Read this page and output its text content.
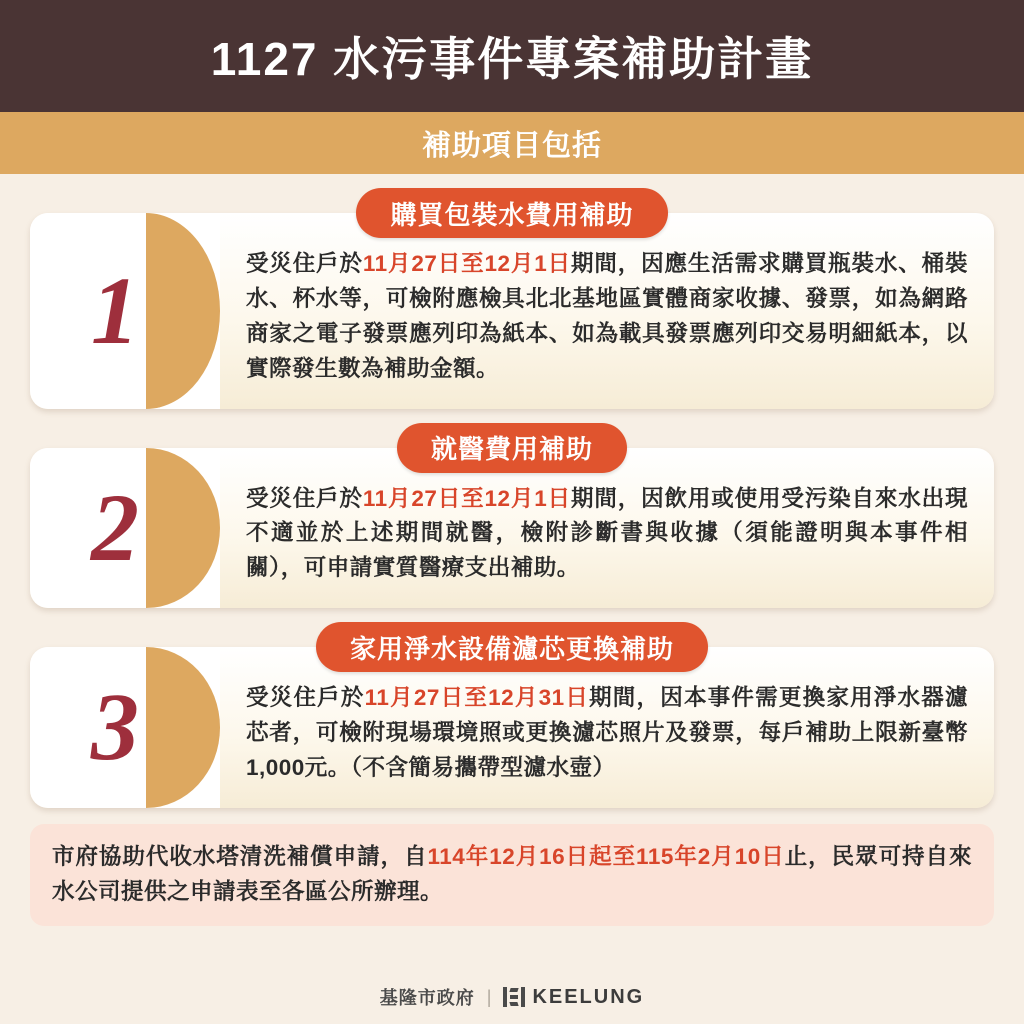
1127 水污事件專案補助計畫
補助項目包括
購買包裝水費用補助
1	受災住戶於11月27日至12月1日期間，因應生活需求購買瓶裝水、桶裝水、杯水等，可檢附應檢具北北基地區實體商家收據、發票，如為網路商家之電子發票應列印為紙本、如為載具發票應列印交易明細紙本，以實際發生數為補助金額。
就醫費用補助
2	受災住戶於11月27日至12月1日期間，因飲用或使用受污染自來水出現不適並於上述期間就醫，檢附診斷書與收據（須能證明與本事件相關），可申請實質醫療支出補助。
家用淨水設備濾芯更換補助
3	受災住戶於11月27日至12月31日期間，因本事件需更換家用淨水器濾芯者，可檢附現場環境照或更換濾芯照片及發票，每戶補助上限新臺幣1,000元。（不含簡易攜帶型濾水壺）
市府協助代收水塔清洗補償申請，自114年12月16日起至115年2月10日止，民眾可持自來水公司提供之申請表至各區公所辦理。
基隆市政府 | KEELUNG
